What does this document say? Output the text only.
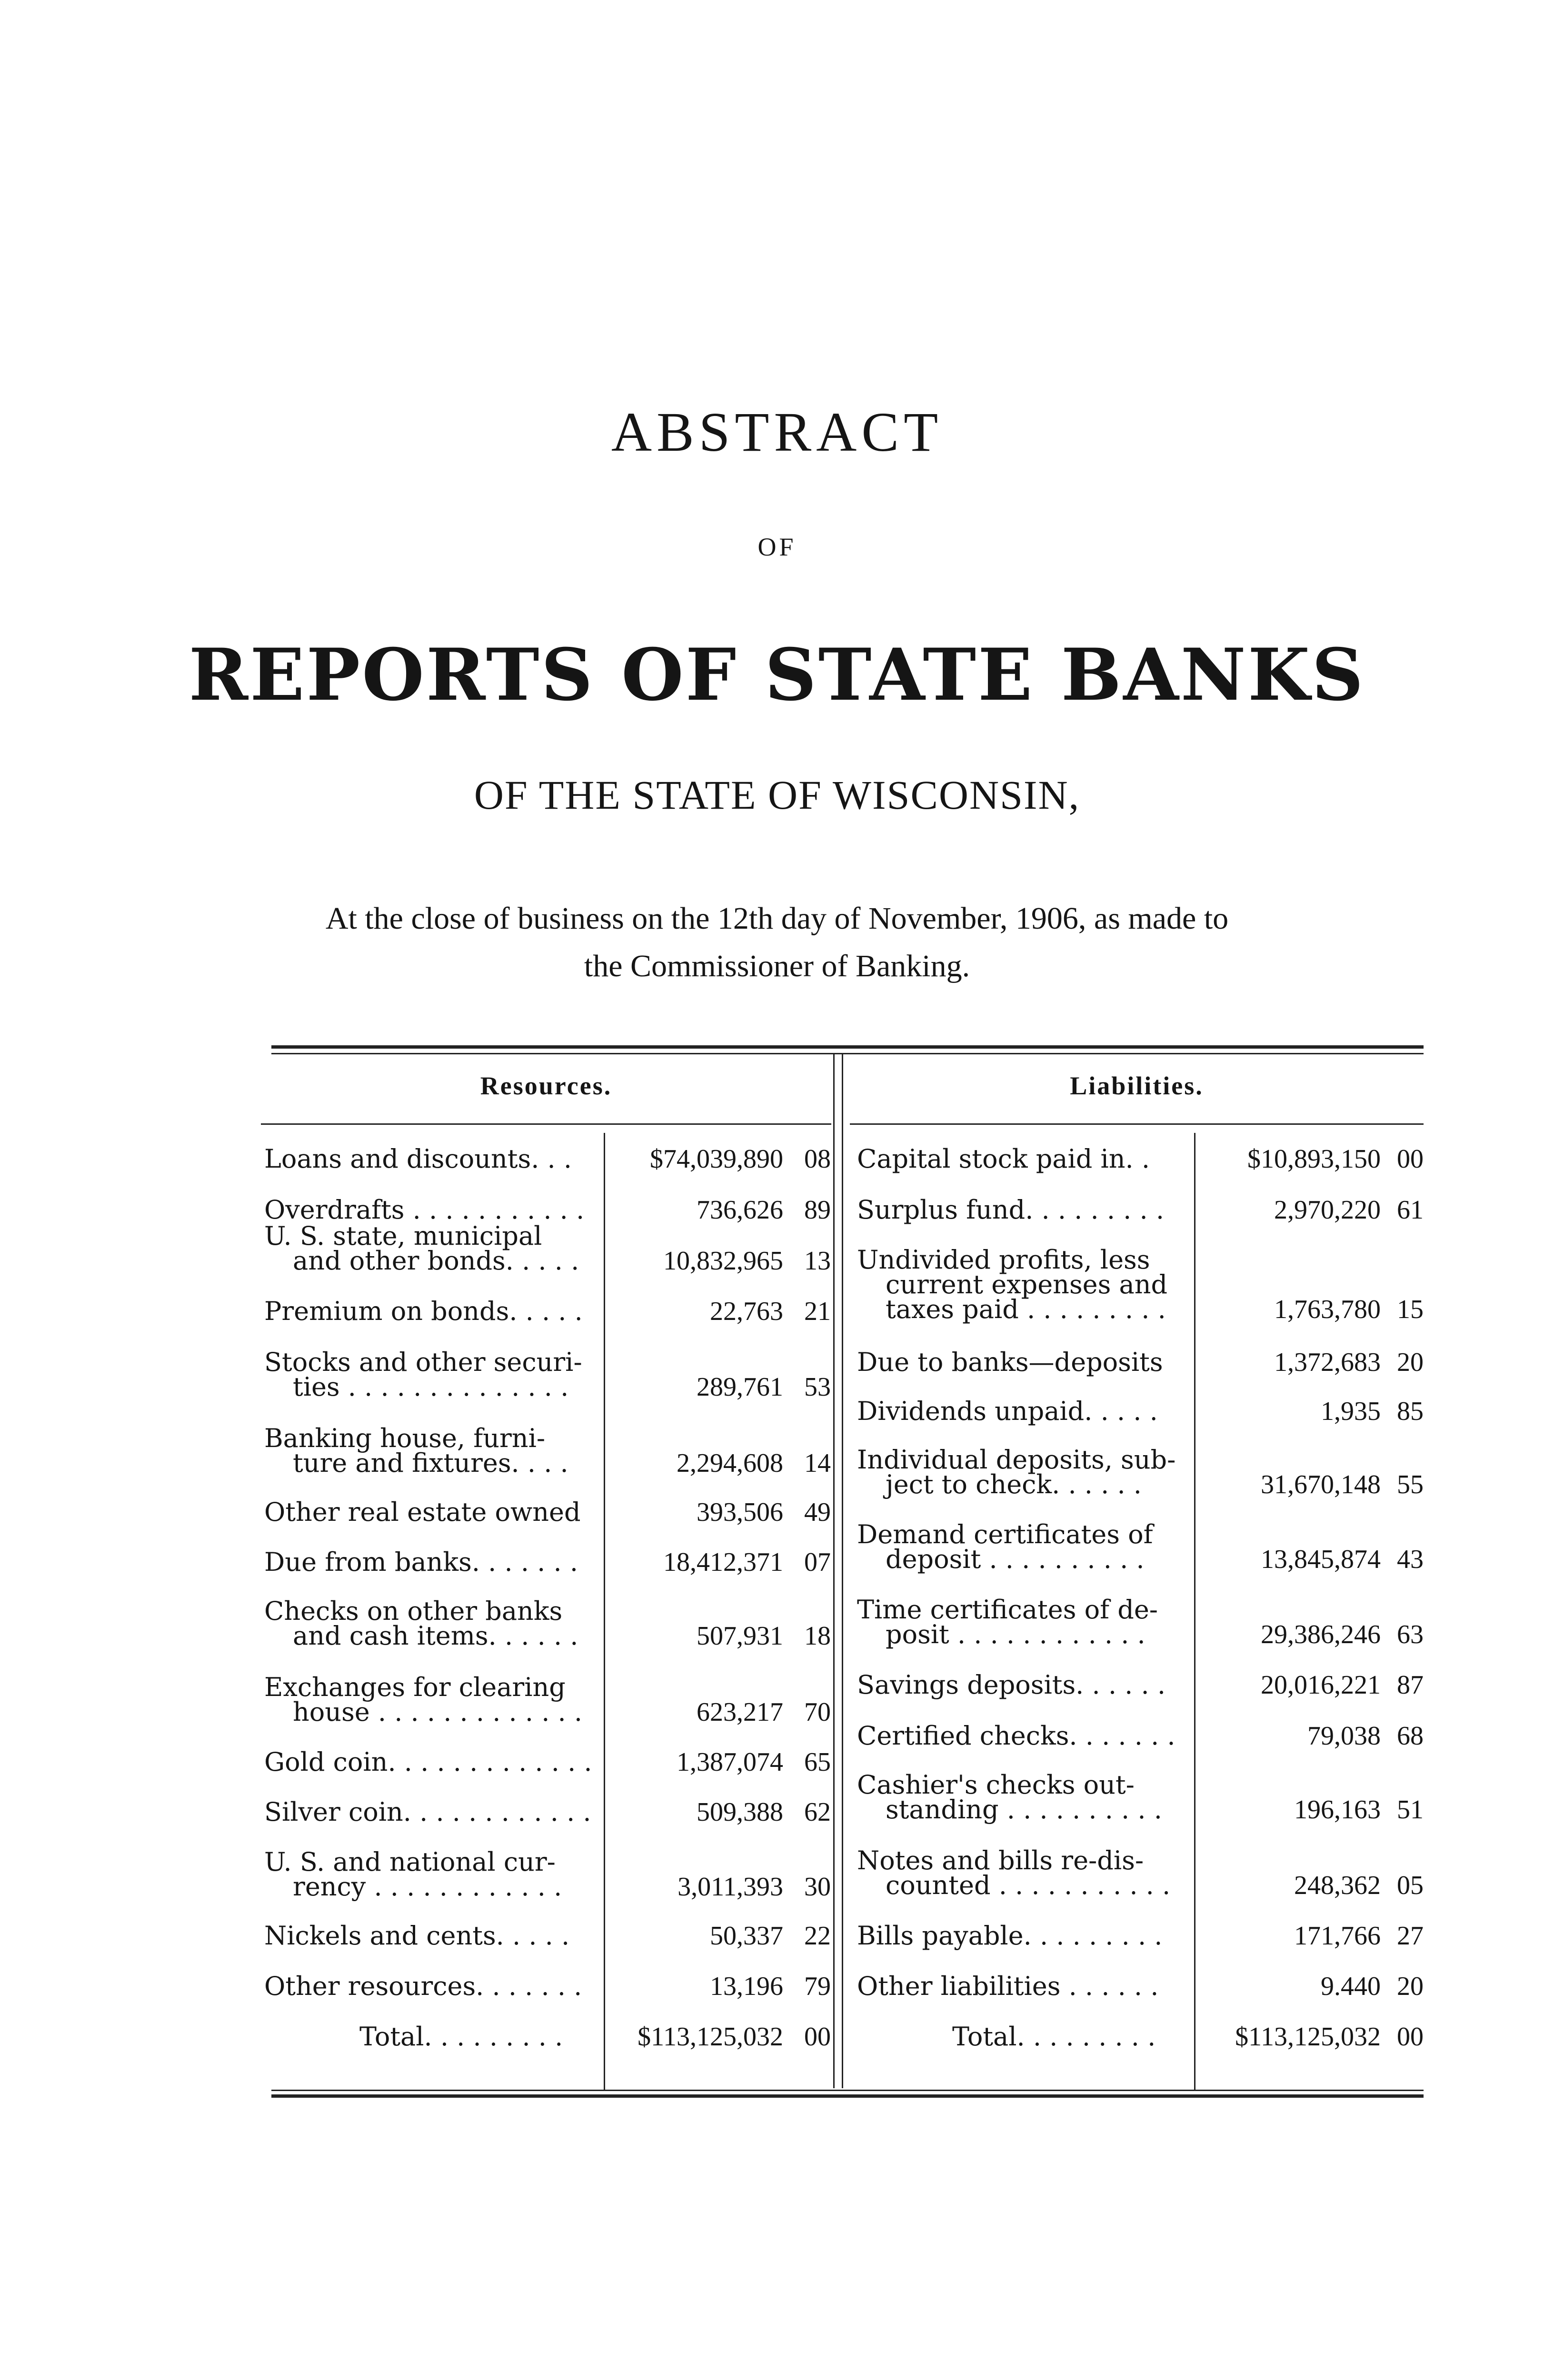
ABSTRACT
OF
REPORTS OF STATE BANKS
OF THE STATE OF WISCONSIN,
At the close of business on the 12th day of November, 1906, as made to
the Commissioner of Banking.
Resources.	Liabilities.
Loans and discounts. . .	$74,039,890 08
Overdrafts . . . . . . . . . . .	736,626 89
U. S. state, municipal
and other bonds. . . . .	10,832,965 13
Premium on bonds. . . . .	22,763 21
Stocks and other securi-
ties . . . . . . . . . . . . . .	289,761 53
Banking house, furni-
ture and fixtures. . . .	2,294,608 14
Other real estate owned	393,506 49
Due from banks. . . . . . .	18,412,371 07
Checks on other banks
and cash items. . . . . .	507,931 18
Exchanges for clearing
house . . . . . . . . . . . . .	623,217 70
Gold coin. . . . . . . . . . . . .	1,387,074 65
Silver coin. . . . . . . . . . . .	509,388 62
U. S. and national cur-
rency . . . . . . . . . . . .	3,011,393 30
Nickels and cents. . . . .	50,337 22
Other resources. . . . . . .	13,196 79
Total. . . . . . . . .	$113,125,032 00
Capital stock paid in. .	$10,893,150 00
Surplus fund. . . . . . . . .	2,970,220 61
Undivided profits, less
current expenses and
taxes paid . . . . . . . . .	1,763,780 15
Due to banks—deposits	1,372,683 20
Dividends unpaid. . . . .	1,935 85
Individual deposits, sub-
ject to check. . . . . .	31,670,148 55
Demand certificates of
deposit . . . . . . . . . .	13,845,874 43
Time certificates of de-
posit . . . . . . . . . . . .	29,386,246 63
Savings deposits. . . . . .	20,016,221 87
Certified checks. . . . . . .	79,038 68
Cashier's checks out-
standing . . . . . . . . . .	196,163 51
Notes and bills re-dis-
counted . . . . . . . . . . .	248,362 05
Bills payable. . . . . . . . .	171,766 27
Other liabilities . . . . . .	9.440 20
Total. . . . . . . . .	$113,125,032 00
